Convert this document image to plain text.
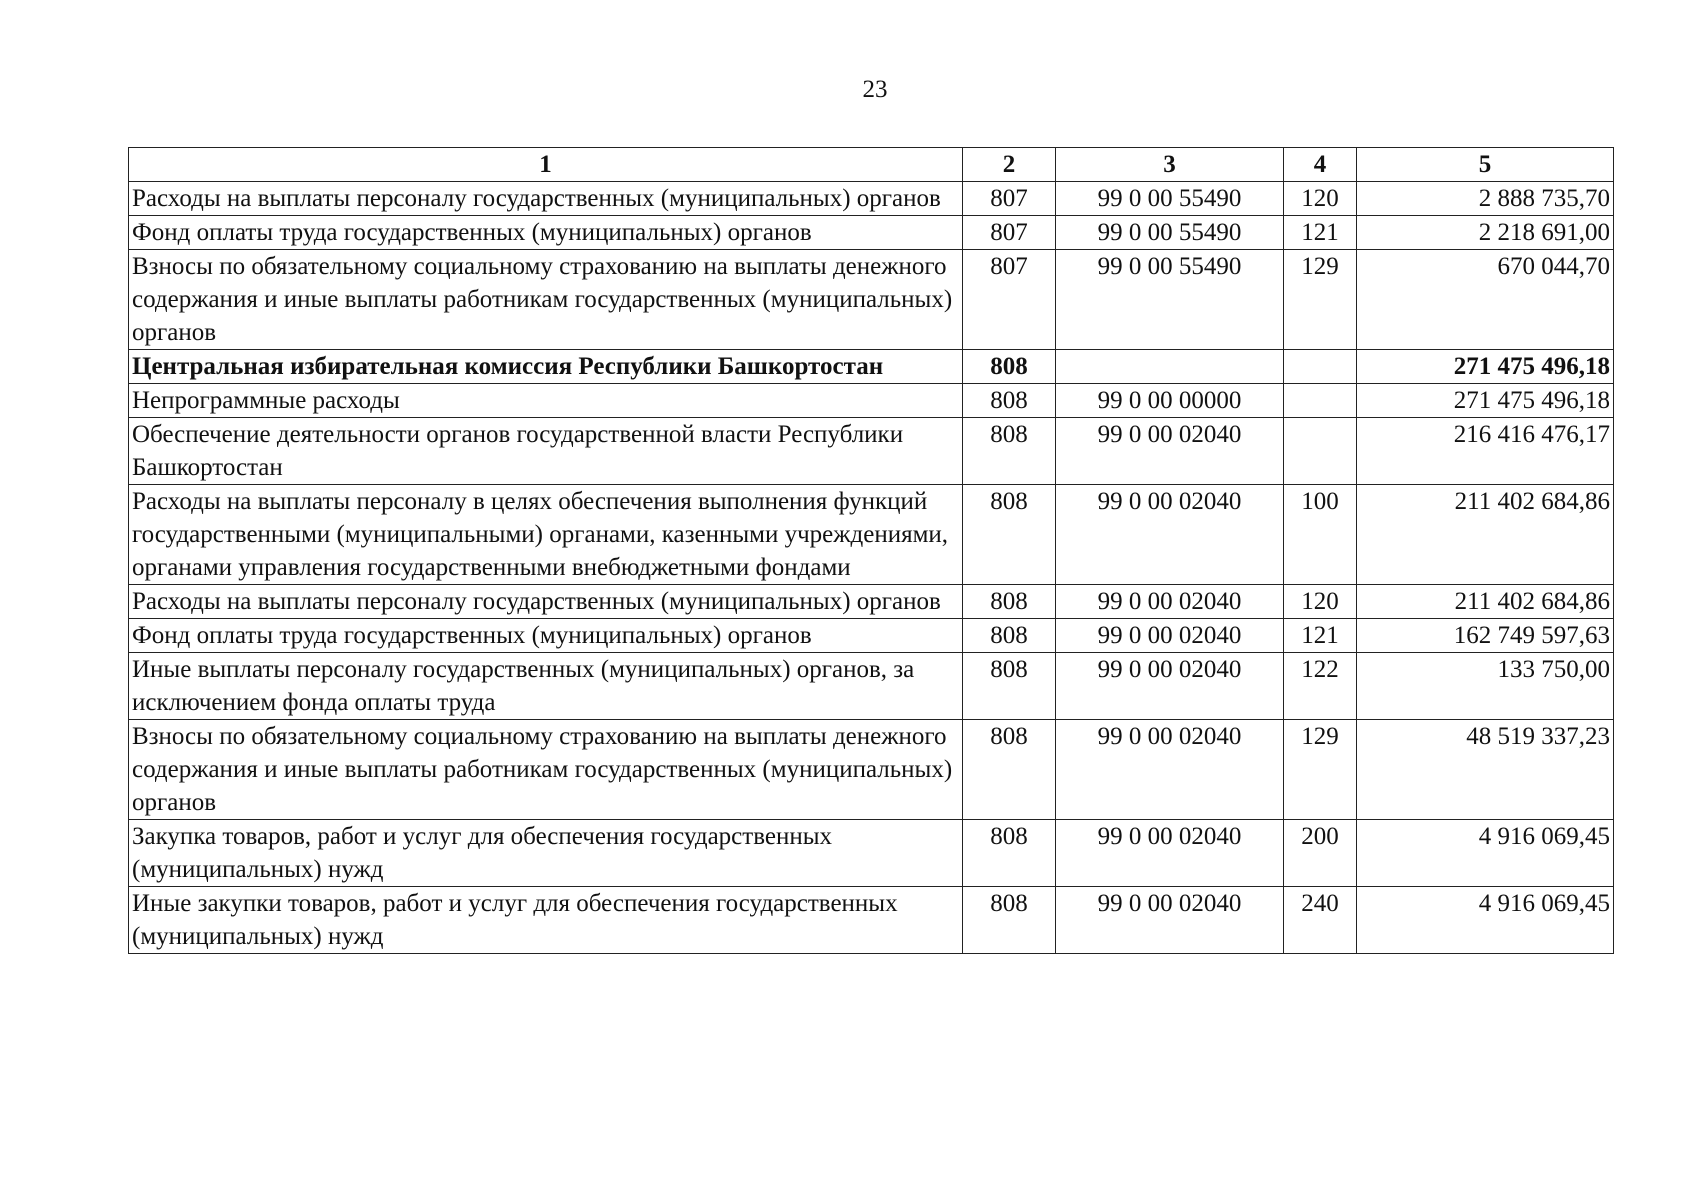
23
1	2	3	4	5
Расходы на выплаты персоналу государственных (муниципальных) органов	807	99 0 00 55490	120	2 888 735,70
Фонд оплаты труда государственных (муниципальных) органов	807	99 0 00 55490	121	2 218 691,00
Взносы по обязательному социальному страхованию на выплаты денежного содержания и иные выплаты работникам государственных (муниципальных) органов	807	99 0 00 55490	129	670 044,70
Центральная избирательная комиссия Республики Башкортостан	808			271 475 496,18
Непрограммные расходы	808	99 0 00 00000		271 475 496,18
Обеспечение деятельности органов государственной власти Республики Башкортостан	808	99 0 00 02040		216 416 476,17
Расходы на выплаты персоналу в целях обеспечения выполнения функций государственными (муниципальными) органами, казенными учреждениями, органами управления государственными внебюджетными фондами	808	99 0 00 02040	100	211 402 684,86
Расходы на выплаты персоналу государственных (муниципальных) органов	808	99 0 00 02040	120	211 402 684,86
Фонд оплаты труда государственных (муниципальных) органов	808	99 0 00 02040	121	162 749 597,63
Иные выплаты персоналу государственных (муниципальных) органов, за исключением фонда оплаты труда	808	99 0 00 02040	122	133 750,00
Взносы по обязательному социальному страхованию на выплаты денежного содержания и иные выплаты работникам государственных (муниципальных) органов	808	99 0 00 02040	129	48 519 337,23
Закупка товаров, работ и услуг для обеспечения государственных (муниципальных) нужд	808	99 0 00 02040	200	4 916 069,45
Иные закупки товаров, работ и услуг для обеспечения государственных (муниципальных) нужд	808	99 0 00 02040	240	4 916 069,45
